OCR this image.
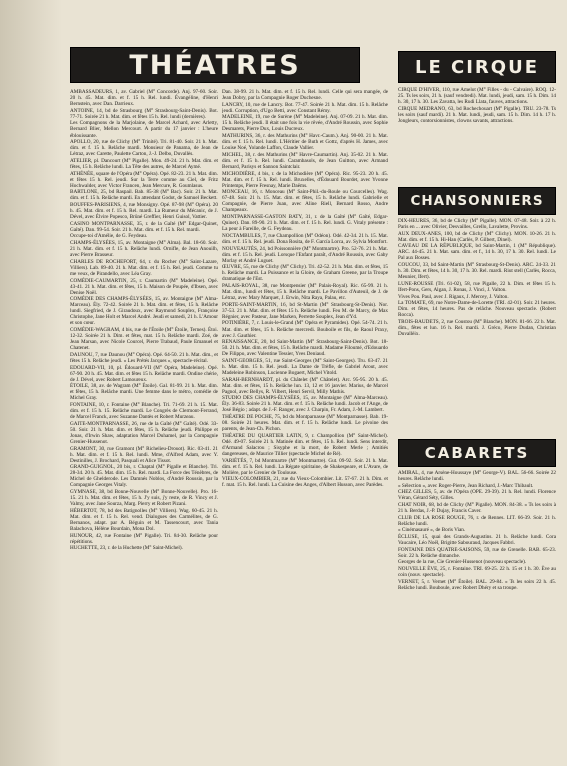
THÉATRES	LE CIRQUE
CHANSONNIERS
CABARETS

AMBASSADEURS, 1, av. Gabriel (M° Concorde). Anj. 97-60. Soir. 20 h. 45. Mat. dim. et f. 15 h. Rel. lundi. Évangéline, d'Henri Bernstein, avec Dan. Darrieux.

ANTOINE, 14, bd de Strasbourg (M° Strasbourg-Saint-Denis). Bot. 77-71. Soirée 21 h. Mat. dim. et fêtes 15 h. Rel. lundi (dernières).

Les Compagnons de la Marjolaine, de Marcel Achard, avec Arletty, Bernard Blier, Mellon Mercourt. A partir du 17 janvier : L'heure éblouissante.

APOLLO, 20, rue de Clichy (M° Trinité). Tri. 81-40. Soir. 21 h. Mat. dim. et f. 15 h. Relâche mardi. Monsieur de Panama, de Jean de Létraz, avec Carette, Paulette Carton, J.-J. Delbo, Duvallès.

ATELIER, pl. Dancourt (M° Pigalle). Mon. 49-24. 21 h. Mat. dim. et fêtes, 15 h. Relâche lundi. La Tête des autres, de Marcel Aymé.

ATHÉNÉE, square de l'Opéra (M° Opéra). Opé. 82-23. 21 h. Mat. dim. et fêtes 15 h. Rel. jeudi. Sur la Terre comme au Ciel, de Fritz Hochwalder, avec Victor Francen, Jean Mercure, R. Goumlasus.

BARTLONE, 25, bd Raspail. Bab. 85-38 (M° Bac). Soir. 21 h. Mat. dim. et f. 15 h. Relâche mardi. En attendant Godot, de Samuel Beckett.

BOUFFES-PARISIENS, 4, rue Monsigny. Opé. 87-98 (M° Opéra). 20 h. 45. Mat. dim. et f. 15 h. Rel. mardi. La Rumeur du Mécanic, de J. Dével, avec Élvire Popesco, Brûné Greffier, Henri Guisol, Vattier.

CASINO MONTPARNASSE, 35, r. de la Gaîté (M° Edgar-Quinet, Gaîté). Dan. 99-54. Soir. 21 h. Mat. dim. et f. 15 h. Rel. mardi.

Occupe-toi d'Amélie, de G. Feydeau.

CHAMPS-ÉLYSÉES, 15, av. Montaigne (M° Alma). Bal. 18-60. Soir. 21 h. Mat. dim. et f. 15 h. Relâche lundi. Ornifle, de Jean Anouilh, avec Pierre Brasseur.

CHARLES DE ROCHEFORT, 64, r. du Rocher (M° Saint-Lazare, Villiers). Lab. 89-40. 21 h. Mat. dim. et f. 15 h. Rel. jeudi. Comme tu me veux, de Pirandello, avec Léa Gray.

COMÉDIE-CAUMARTIN, 25, r. Caumartin (M° Madeleine). Opé. 43-41. 21 h. Mat. dim. et fêtes, 15 h. Maison de Poupée, d'Ibsen, avec Denise Noël.

COMÉDIE DES CHAMPS-ÉLYSÉES, 15, av. Montaigne (M° Alma-Marceau). Ély. 72-42. Soirée 21 h. Mat. dim. et fêtes, 15 h. Relâche lundi. Siegfried, de J. Giraudoux, avec Raymond Souplex, Françoise Christophe, Jane Holt et Marcel André. Jeudi et samedi, 21 h. L'Amour et son cœur.

COMÉDIE-WAGRAM, 4 bis, rue de l'Étoile (M° Étoile, Ternes). Étoi. 12-32. Soirée 21 h. Dim. et fêtes, mat. 15 h. Relâche mardi. Zoé, de Jean Marsan, avec Nicole Courcel, Pierre Trabaud, Paule Emanuel et Chatenet.

DAUNOU, 7, rue Daunou (M° Opéra). Opé. 64-50. 21 h. Mat. dim., et fêtes 15 h. Relâche jeudi. « Les Prétés Jacques », spectacle-récital.

EDOUARD-VII, 10, pl. Édouard-VII (M° Opéra, Madeleine). Opé. 67-90. 20 h. 45. Mat. dim. et fêtes 15 h. Relâche mardi. Ondine chérie, de J. Dével, avec Robert Lamoureux.

ÉTOILE, 38, av. de Wagram (M° Étoile). Gal. 81-99. 21 h. Mat. dim. et fêtes, 15 h. Relâche mardi. Une femme dans le métro, comédie de Michel Gray.

FONTAINE, 10, r. Fontaine (M° Blanche). Tri. 71-69. 21 h. 15. Mat. dim. et f. 15 h. 15. Relâche mardi. Le Congrès de Clermont-Ferrand, de Marcel Franck, avec Suzanne Dantès et Robert Murzeau.

GAITE-MONTPARNASSE, 26, rue de la Gaîté (M° Gaîté). Odé. 33-50. Soir. 21 h. Mat. dim. et fêtes, 15 h. Relâche jeudi. Philippe et Jonas, d'Irwin Shaw, adaptation Marcel Duhamel, par la Compagnie Grenier-Hussenot.

GRAMONT, 30, rue Gramont (M° Richelieu-Drouot). Ric. 03-41. 21 h. Mat. dim. et f. 15 h. Rel. lundi. Mme, d'Alfred Adam, avec Y. Destinilles, J. Brochard, Pasquali et Alice Tissot.

GRAND-GUIGNOL, 20 bis, r. Chaptal (M° Pigalle et Blanche). Tri. 28-34. 20 h. 45. Mat. dim. 15 h. Rel. mardi. La Force des Ténèbres, de Michel de Ghelderode. Les Damnés Noblos, d'André Roussin, par la Compagnie Georges Vitaly.

GYMNASE, 38, bd Bonne-Nouvelle (M° Bonne-Nouvelle). Pro. 16-15. 21 h. Mat. dim. et fêtes, 15 h. J'y suis, j'y reste, de R. Vincy et J. Valmy, avec Jane Sourza, Marg. Pierry et Robert Pizani.

HÉBERTOT, 78, bd des Batignolles (M° Villiers). Wag. 60-45. 21 h. Mat. dim. et f. 15 h. Rel. vend. Dialogues des Carmélites, de G. Bernanos, adapt. par A. Béguin et M. Tassencourt, avec Tania Balachova, Hélène Bourdain, Mona Dol.

HUNOUR, 42, rue Fontaine (M° Pigalle). Tri. 84-30. Relâche pour répétitions.

HUCHETTE, 23, r. de la Huchette (M° Saint-Michel).

Dan. 38-99. 21 h. Mat. dim. et f. 15 h. Rel. lundi. Celle qui sera mangée, de Jean Dobry, par la Compagnie Roger Duchesne.

LANCRY, 10, rue de Lancry. Bot. 77-47. Soirée 21 h. Mat. dim. 15 h. Relâche jeudi. Corruption, d'Ugo Betti, avec Constant Rémy.

MADELEINE, 19, rue de Surène (M° Madeleine). Anj. 07-09. 21 h. Mat. dim. 15 h. Relâche jeudi. Il était une fois la vie rêvée, d'André Roussin, avec Sophie Desmarets, Pierre Dux, Louis Ducreux.

MATHURINS, 36, r. des Mathurins (M° Havr.-Caum.). Anj. 90-00. 21 h. Mat. dim. et f. 15 h. Rel. lundi. L'Héritier de Buth et Gottz, d'après H. James, avec Louise Noé, Yolande Laffon, Claude Vallier.

MICHEL, 38, r. des Mathurins (M° Havre-Caumartin). Anj. 35-02. 21 h. Mat. dim. et f. 15 h. Rel. lundi. Carambasols, de Jean Guitton, avec Armand Bernard, Parisys et Sannon Saintclair.

MICHODIÈRE, 4 bis, r. de la Michodière (M° Opéra). Ric. 95-23. 20 h. 45. Mat. dim. et f. 15 h. Rel. lundi. Bruxelles, d'Édouard Bourdet, avec Yvonne Printemps, Pierre Fresnay, Marie Daëms.

MONCEAU, 16, r. Monceau (M° Saint-Phil.-du-Roule ou Courcelles). Wag. 67-48. Soir. 21 h. 15. Mat. dim. et fêtes, 15 h. Relâche lundi. Gabrielle et Compagnie, de Pierre Juan, avec Aline Riell, Bernard Rosso, Andre Champeaux.

MONTPARNASSE-GASTON BATY, 31, r. de la Gaîté (M° Gaîté, Edgar-Quinet). Dan. 89-90. 21 h. Mat. dim. et f. 15 h. Rel. lundi. G. Vitaly présente : La peur à Fareille, de G. Feydeau.

NOCTAMBULES, 7, rue Champollion (M° Odéon). Odé. 42-34. 21 h. 15. Mat. dim. et f. 15 h. Rel. jeudi. Dona Rosita, de F. García Lorca, av. Sylvia Montfort.

NOUVEAUTÉS, 24, bd Poissonnière (M° Montmartre). Pro. 52-76. 21 h. Mat. dim. et f. 15 h. Rel. jeudi. Lorsque l'Enfant paraît, d'André Roussin, avec Gaby Morlay et André Luguet.

ŒUVRE, 55, rue de Clichy (M° Clichy). Tri. 42-52. 21 h. Mat. dim. et fêtes, 15 h. Relâche mardi. La Puissance et la Gloire, de Graham Greene, par la Troupe dramatique de l'Est.

PALAIS-ROYAL, 38, rue Montpensier (M° Palais-Royal). Ric. 65-99. 21 h. Mat. dim., lundi et fêtes, 15 h. Relâche mardi. Le Pavillon d'Auteuil, de J. de Létraz, avec Mary Marquet, J. Erwin, Nita Raya, Palau, etc.

PORTE-SAINT-MARTIN, 16, bd St-Martin (M° Strasbourg-St-Denis). Nor. 37-53. 21 h. Mat. dim. et fêtes 15 h. Relâche lundi. Feu M. de Marcy, de Max Régnier, avec Pasteur, Jane Marken, Perrette Souplex, Jean d'Yd.

POTINIÈRE, 7, r. Louis-le-Grand (M° Opéra et Pyramides). Opé. 54-74. 21 h. Mat. dim. et fêtes, 15 h. Relâche mercredi. Bouboile et fils, de Raoul Praxy, avec J. Gauthier.

RENAISSANCE, 20, bd Saint-Martin (M° Strasbourg-Saint-Denis). Bot. 18-50. 21 h. Mat. dim. et fêtes, 15 h. Relâche mardi. Madame Filoumé, d'Edouardo De Filippo, avec Valentine Tessier, Yves Deniaud.

SAINT-GEORGES, 51, rue Saint-Georges (M° Saint-Georges). Tru. 63-47. 21 h. Mat. dim. 15 h. Rel. jeudi. La Dame de Trèfle, de Gabriel Arout, avec Madeleine Robinson, Lucienne Bogaert, Michel Vitold.

SARAH-BERNHARDT, pl. du Châtelet (M° Châtelet). Arc. 95-95. 20 h. 45. Mat. dim. et fêtes, 15 h. Relâche lun. 13, 12 et 16 janvier. Marius, de Marcel Pagnol, avec Bellys, R. Vilbert, Henri Servil, Milly Mathis.

STUDIO DES CHAMPS-ÉLYSÉES, 15, av. Montaigne (M° Alma-Marceau). Ély. 36-83. Soirée 21 h. Mat. dim. et f. 15 h. Relâche lundi. Jacob et l'Ange, de José Bégio ; adapt. de J.-F. Ranger, avec J. Charpin, Fr. Adam, J.-M. Lambert.

THÉATRE DE POCHE, 75, bd du Montparnasse (M° Montparnasse). Bab. 19-08. Soirée 21 heures. Mat. dim. et f. 15 h. Relâche lundi. Le pivoine des parents, de Jean-Ch. Pichon.

THÉATRE DU QUARTIER LATIN, 9, r. Champollion (M° Saint-Michel). Odé. 49-07. Soirée 21 h. Matinée dim. et fêtes, 15 h. Rel. lundi. Sens interdit, d'Armand Salacrou ; Sisyphe et la mort, de Robert Merle ; Amitiés dangereuses, de Maurice Tillier (spectacle Michel de Ré).

VARIÉTÉS, 7, bd Montmartre (M° Montmartre). Gut. 09-92. Soir. 21 h. Mat. dim. et f. 15 h. Rel. lundi. La Régate spiritaine, de Shakespeare, et L'Avare, de Molière, par le Grenier de Toulouse.

VIEUX-COLOMBIER, 21, rue du Vieux-Colombier. Lit. 57-67. 21 h. Dim. et f. mat. 15 h. Rel. lundi. La Cuisine des Anges, d'Albert Husson, avec Parèdes.

CIRQUE D'HIVER, 110, rue Amelot (M° Filles - du - Calvaire). ROQ. 12-25. Ts les soirs, 21 h. (sauf vendredi). Mat. lundi, jeudi, sam. 15 h. Dim. 14 h. 30, 17 h. 30. Les Zavatta, les Rudi Llata, fauves, attractions.

CIRQUE MEDRANO, 63, bd Rochechouart (M° Pigalle). TRU. 23-78. Ts les soirs (sauf mardi). 21 h. Mat. lundi, jeudi, sam. 15 h. Dim. 14 h. 17 h. Jongleurs, contorsionnistes, clowns savants, attractions.

DIX-HEURES, 36, bd de Clichy (M° Pigalle). MON. 07-48. Soir. à 22 h. Paris en ... avec Olivier, Desvailles, Grello, Lavalette, Provins.

AUX DEUX-ANES, 100, bd de Clichy (M° Clichy). MON. 10-26. 21 h. Mat. dim. et f. 15 h. Hi-Han (Carlès, P. Gilbert, Dinel).

CAVEAU DE LA RÉPUBLIQUE, bd Saint-Martin, 1 (M° République). ARC. 44-45. 21 h. Mat. sam. dim. et f., 14 h. 30, 17 h. 30. Rel. lundi. Le Pal aux Bosses.

COUCOU, 33, bd Saint-Martin (M° Strasbourg-St-Denis). ARC. 24-33. 21 h. 30. Dim. et fêtes, 14 h. 30, 17 h. 30. Rel. mardi. Riut stell (Carlès, Rocca, Meunier, Ifert).

LUNE-ROUSSE (Tri. 61-02), 58, rue Pigalle, 22 h. Dim. et fêtes 15 h. Ifert-Pons, Gers, Algan, J. Ronas, J. Vinci, J. Valton.

Vives Pou. Paul, avec J. Rigaux, J. Mercey, J. Valton.

La TOMATE, 69, rue Notre-Dame-de-Lorette (TRI. 42-01). Soir. 21 heures. Dim. et fêtes, 14 heures. Pas de relâche. Nouveau spectacle. (Robert Rocca).

TROIS-BAUDETS, 2, rue Coustou (M° Blanche). MON. 81-66. 22 h. Mat. dim., fêtes et lun. 16 h. Rel. mardi. J. Gréco, Pierre Dudan, Christian Duvallèix.

AMIRAL, 4, rue Arsène-Houssaye (M° George-V). BAL. 56-66. Soirée 22 heures. Relâche lundi.

« Sélection », avec Roger-Pierre, Jean Richard, J.-Marc Thibault.

CHEZ GILLES, 5, av. de l'Opéra (OPE. 29-39). 21 h. Rel. lundi. Florence Véran, Gérard Séty, Gilles.

CHAT NOIR, 68, bd de Clichy (M° Pigalle). MON. 84-38. « Ts les soirs à 21 h. Berdas, J.-P. Dujay, Francis Caver.

CLUB DE LA ROSE ROUGE, 76, r. de Rennes. LIT. 66-39. Soir. 21 h. Relâche lundi.

« Cinémasauré », de Boris Vian.

ÉCLUSE, 15, quai des Grands-Augustins. 21 h. Relâche lundi. Cora Vaucaire, Léo Noël, Brigitte Sabouraud, Jacques Fabbri.

FONTAINE DES QUATRE-SAISONS, 59, rue de Grenelle. BAB. 65-23. Soir. 22 h. Relâche dimanche.

Georges de la rue, Cie Grenier-Hussenot (nouveau spectacle).

NOUVELLE ÈVE, 25, r. Fontaine. TRI. 69-25. 22 h. 15 et 1 h. 30. Ève au coin (nouv. spectacle).

VERNET, 5, r. Vernet (M° Étoile). BAL. 29-84. « Ts les soirs 22 h. 45. Relâche lundi. Bouboule, avec Robert Dhéry et sa troupe.
